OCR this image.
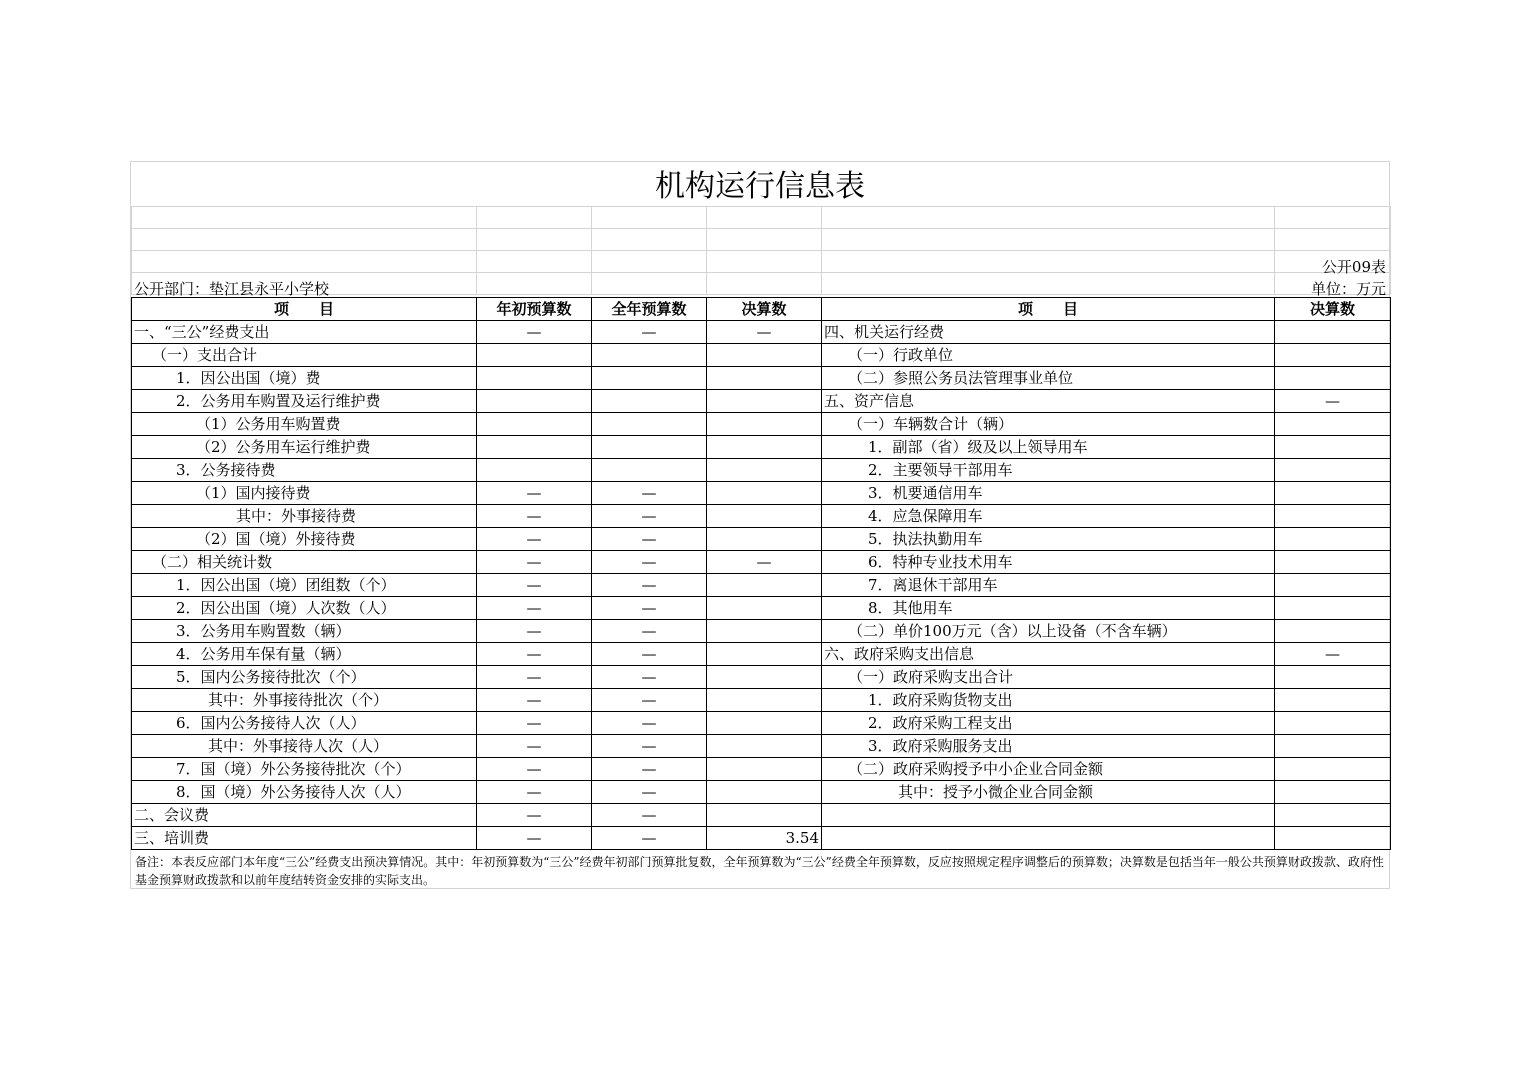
机构运行信息表

公开09表
公开部门：垫江县永平小学校	单位：万元
项　　目	年初预算数	全年预算数	决算数	项　　目	决算数
一、“三公”经费支出	—	—	—	四、机关运行经费	
（一）支出合计				（一）行政单位	
1．因公出国（境）费				（二）参照公务员法管理事业单位	
2．公务用车购置及运行维护费				五、资产信息	—
（1）公务用车购置费				（一）车辆数合计（辆）	
（2）公务用车运行维护费				1．副部（省）级及以上领导用车	
3．公务接待费				2．主要领导干部用车	
（1）国内接待费	—	—		3．机要通信用车	
其中：外事接待费	—	—		4．应急保障用车	
（2）国（境）外接待费	—	—		5．执法执勤用车	
（二）相关统计数	—	—	—	6．特种专业技术用车	
1．因公出国（境）团组数（个）	—	—		7．离退休干部用车	
2．因公出国（境）人次数（人）	—	—		8．其他用车	
3．公务用车购置数（辆）	—	—		（二）单价100万元（含）以上设备（不含车辆）	
4．公务用车保有量（辆）	—	—		六、政府采购支出信息	—
5．国内公务接待批次（个）	—	—		（一）政府采购支出合计	
其中：外事接待批次（个）	—	—		1．政府采购货物支出	
6．国内公务接待人次（人）	—	—		2．政府采购工程支出	
其中：外事接待人次（人）	—	—		3．政府采购服务支出	
7．国（境）外公务接待批次（个）	—	—		（二）政府采购授予中小企业合同金额	
8．国（境）外公务接待人次（人）	—	—		其中：授予小微企业合同金额	
二、会议费	—	—			
三、培训费	—	—	3.54		
备注：本表反应部门本年度“三公”经费支出预决算情况。其中：年初预算数为“三公”经费年初部门预算批复数，全年预算数为“三公”经费全年预算数，反应按照规定程序调整后的预算数；决算数是包括当年一般公共预算财政拨款、政府性基金预算财政拨款和以前年度结转资金安排的实际支出。
